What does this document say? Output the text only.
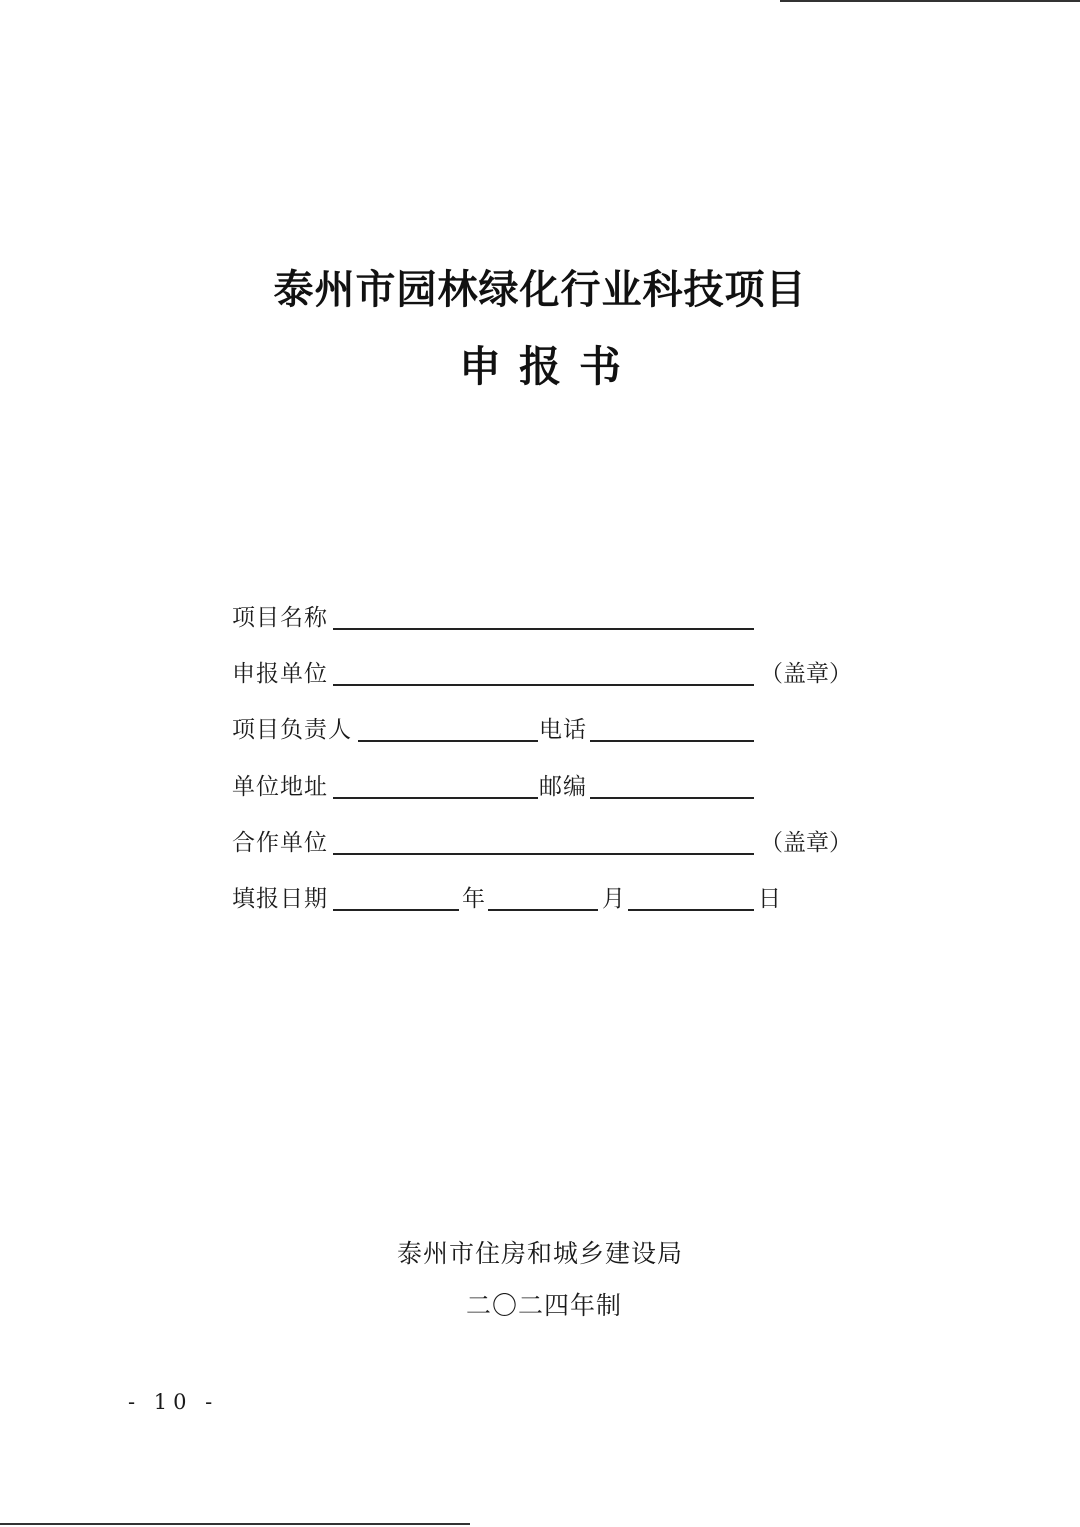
泰州市园林绿化行业科技项目
申报书
项目名称
申报单位	（盖章）
项目负责人	电话
单位地址	邮编
合作单位	（盖章）
填报日期	年	月	日
泰州市住房和城乡建设局
二〇二四年制
- 10 -
